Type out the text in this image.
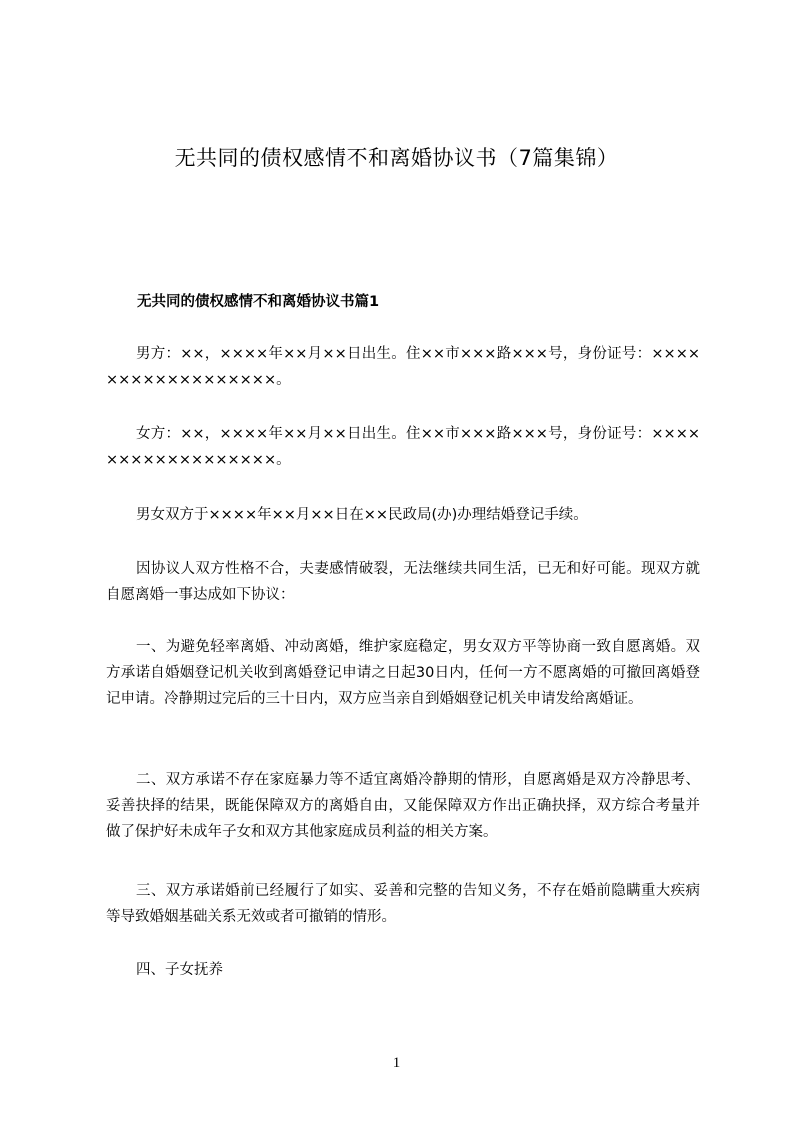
无共同的债权感情不和离婚协议书（7篇集锦）
无共同的债权感情不和离婚协议书篇1
男方：××，××××年××月××日出生。住××市×××路×××号，身份证号：××××××××××××××××××。
女方：××，××××年××月××日出生。住××市×××路×××号，身份证号：××××××××××××××××××。
男女双方于××××年××月××日在××民政局(办)办理结婚登记手续。
因协议人双方性格不合，夫妻感情破裂，无法继续共同生活，已无和好可能。现双方就自愿离婚一事达成如下协议：
一、为避免轻率离婚、冲动离婚，维护家庭稳定，男女双方平等协商一致自愿离婚。双方承诺自婚姻登记机关收到离婚登记申请之日起30日内，任何一方不愿离婚的可撤回离婚登记申请。冷静期过完后的三十日内，双方应当亲自到婚姻登记机关申请发给离婚证。
二、双方承诺不存在家庭暴力等不适宜离婚冷静期的情形，自愿离婚是双方冷静思考、妥善抉择的结果，既能保障双方的离婚自由，又能保障双方作出正确抉择，双方综合考量并做了保护好未成年子女和双方其他家庭成员利益的相关方案。
三、双方承诺婚前已经履行了如实、妥善和完整的告知义务，不存在婚前隐瞒重大疾病等导致婚姻基础关系无效或者可撤销的情形。
四、子女抚养
1
